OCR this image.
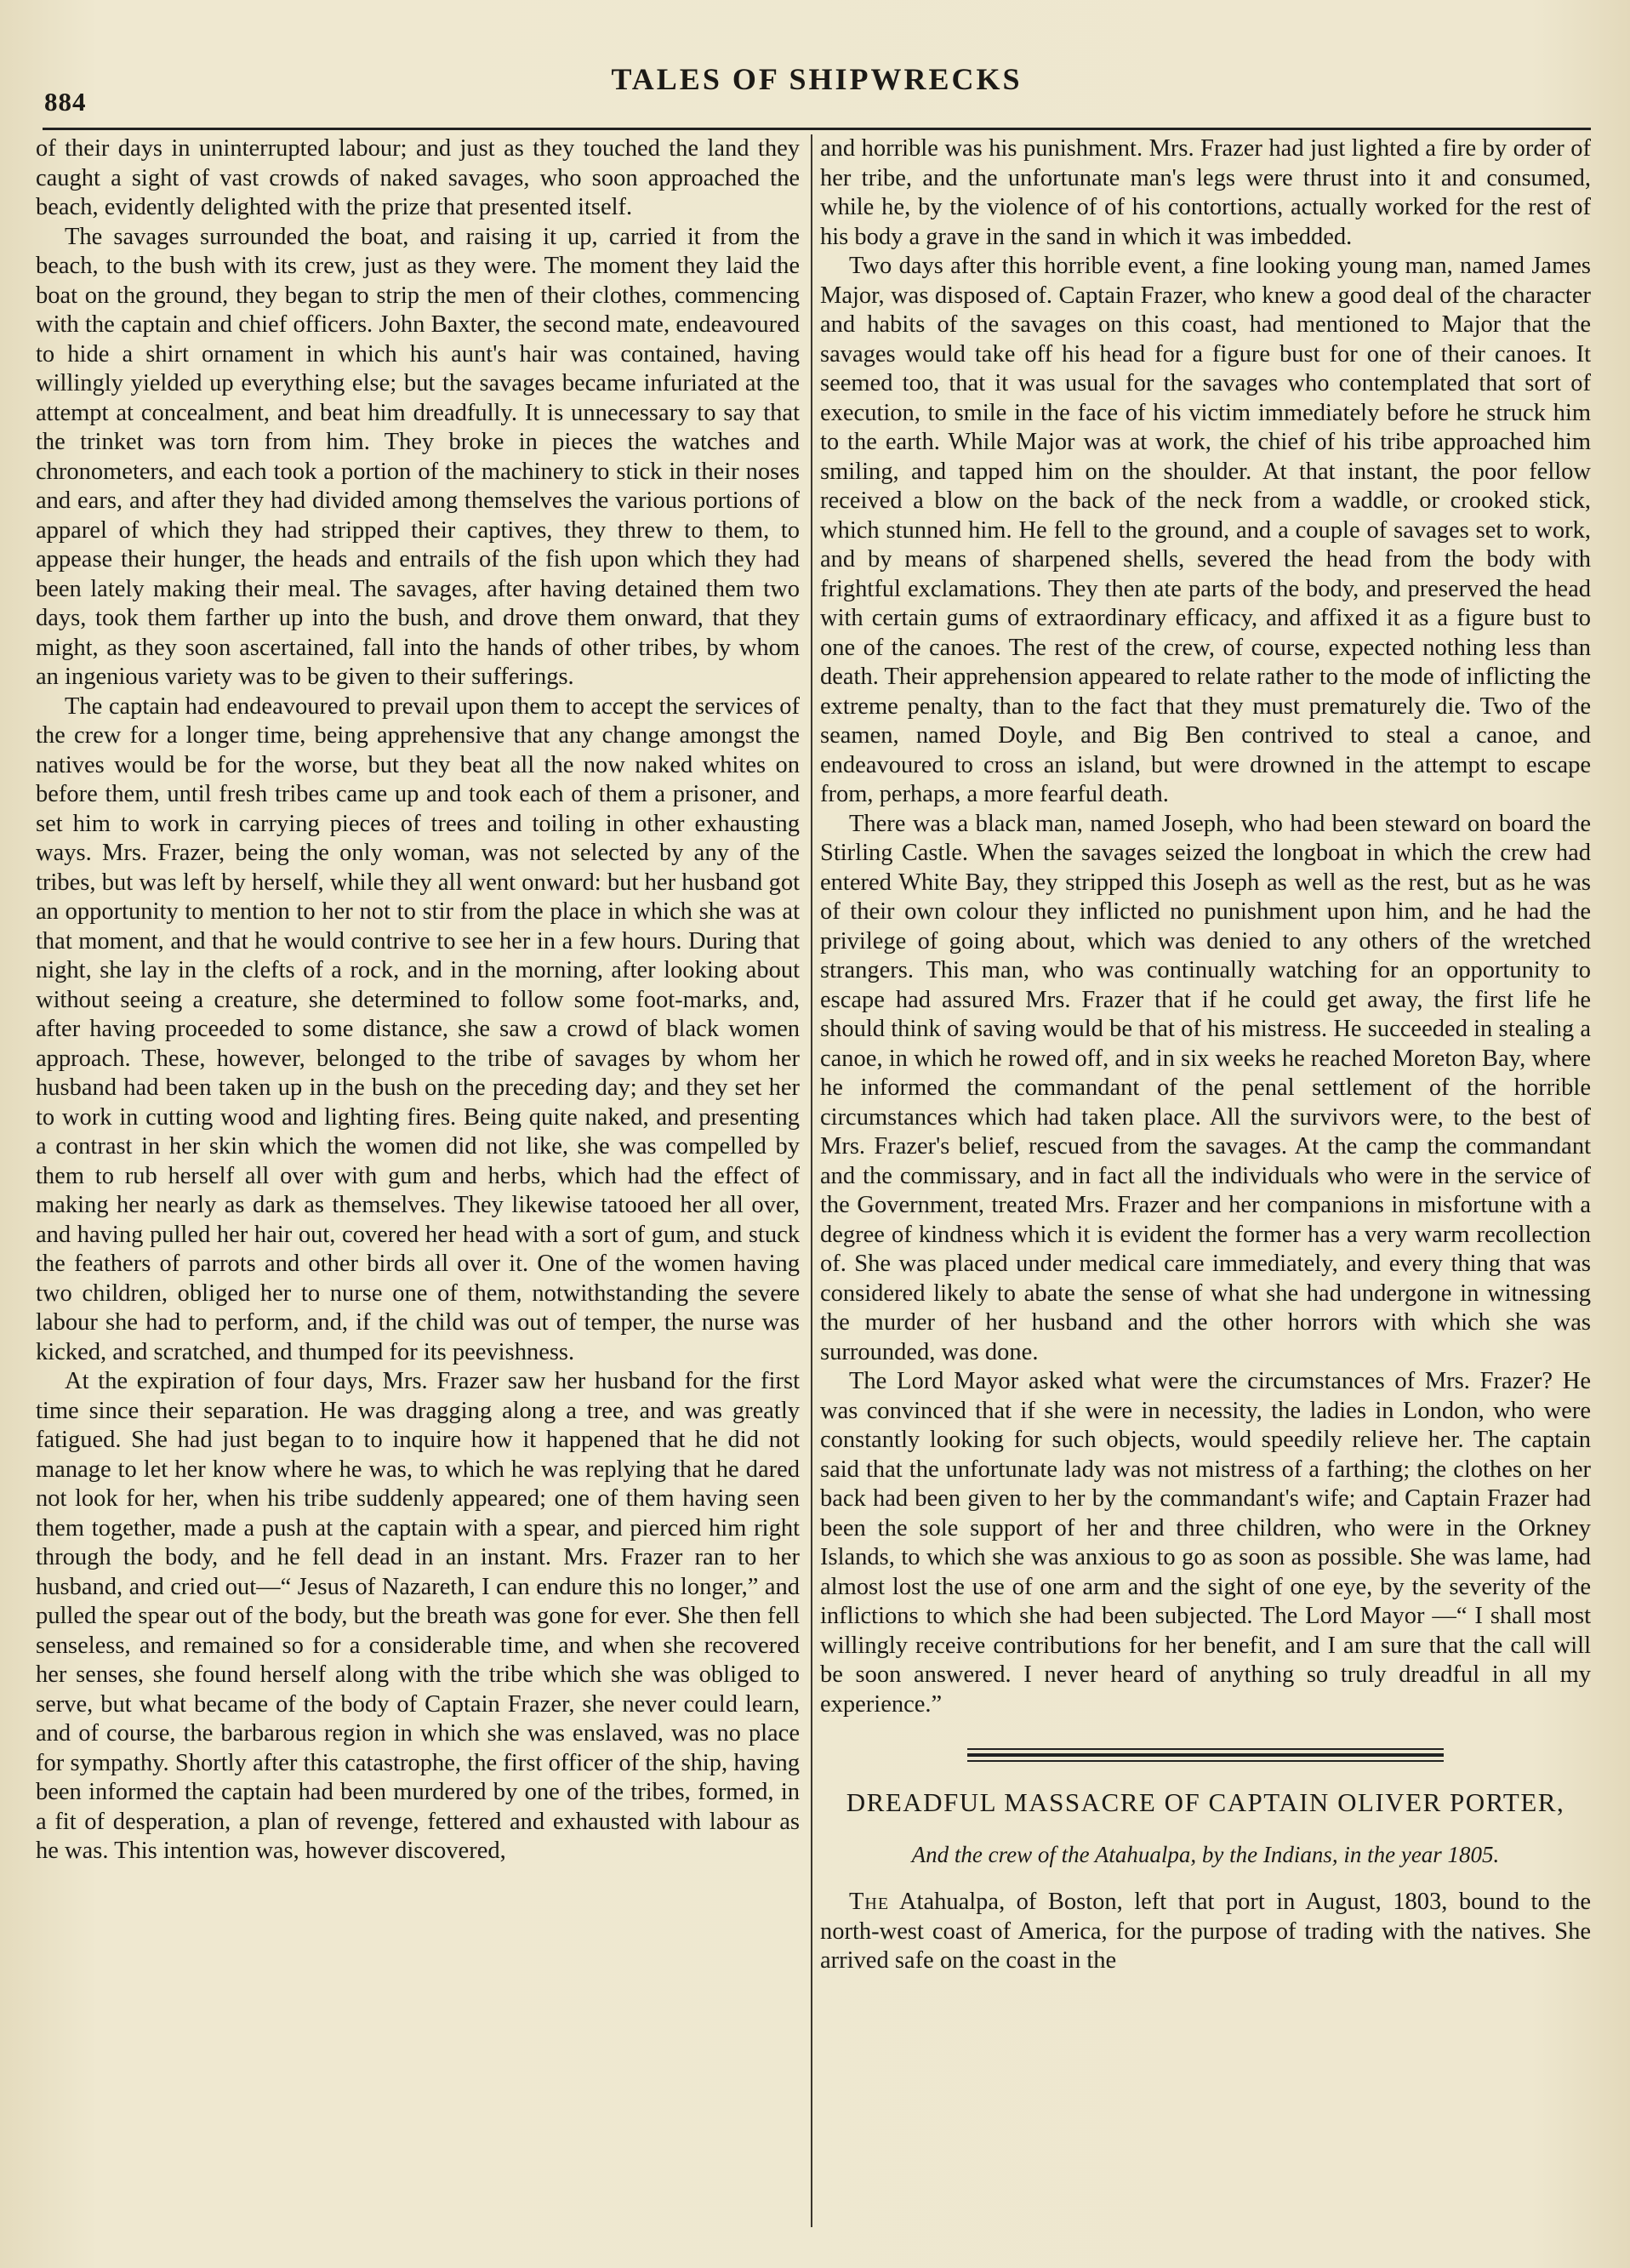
884
TALES OF SHIPWRECKS

of their days in uninterrupted labour; and just as they touched the land they caught a sight of vast crowds of naked savages, who soon approached the beach, evidently delighted with the prize that presented itself.

The savages surrounded the boat, and raising it up, carried it from the beach, to the bush with its crew, just as they were. The moment they laid the boat on the ground, they began to strip the men of their clothes, commencing with the captain and chief officers. John Baxter, the second mate, endeavoured to hide a shirt ornament in which his aunt's hair was contained, having willingly yielded up everything else; but the savages became infuriated at the attempt at concealment, and beat him dreadfully. It is unnecessary to say that the trinket was torn from him. They broke in pieces the watches and chronometers, and each took a portion of the machinery to stick in their noses and ears, and after they had divided among themselves the various portions of apparel of which they had stripped their captives, they threw to them, to appease their hunger, the heads and entrails of the fish upon which they had been lately making their meal. The savages, after having detained them two days, took them farther up into the bush, and drove them onward, that they might, as they soon ascertained, fall into the hands of other tribes, by whom an ingenious variety was to be given to their sufferings.

The captain had endeavoured to prevail upon them to accept the services of the crew for a longer time, being apprehensive that any change amongst the natives would be for the worse, but they beat all the now naked whites on before them, until fresh tribes came up and took each of them a prisoner, and set him to work in carrying pieces of trees and toiling in other exhausting ways. Mrs. Frazer, being the only woman, was not selected by any of the tribes, but was left by herself, while they all went onward: but her husband got an opportunity to mention to her not to stir from the place in which she was at that moment, and that he would contrive to see her in a few hours. During that night, she lay in the clefts of a rock, and in the morning, after looking about without seeing a creature, she determined to follow some foot-marks, and, after having proceeded to some distance, she saw a crowd of black women approach. These, however, belonged to the tribe of savages by whom her husband had been taken up in the bush on the preceding day; and they set her to work in cutting wood and lighting fires. Being quite naked, and presenting a contrast in her skin which the women did not like, she was compelled by them to rub herself all over with gum and herbs, which had the effect of making her nearly as dark as themselves. They likewise tatooed her all over, and having pulled her hair out, covered her head with a sort of gum, and stuck the feathers of parrots and other birds all over it. One of the women having two children, obliged her to nurse one of them, notwithstanding the severe labour she had to perform, and, if the child was out of temper, the nurse was kicked, and scratched, and thumped for its peevishness.

At the expiration of four days, Mrs. Frazer saw her husband for the first time since their separation. He was dragging along a tree, and was greatly fatigued. She had just began to to inquire how it happened that he did not manage to let her know where he was, to which he was replying that he dared not look for her, when his tribe suddenly appeared; one of them having seen them together, made a push at the captain with a spear, and pierced him right through the body, and he fell dead in an instant. Mrs. Frazer ran to her husband, and cried out—“ Jesus of Nazareth, I can endure this no longer,” and pulled the spear out of the body, but the breath was gone for ever. She then fell senseless, and remained so for a considerable time, and when she recovered her senses, she found herself along with the tribe which she was obliged to serve, but what became of the body of Captain Frazer, she never could learn, and of course, the barbarous region in which she was enslaved, was no place for sympathy. Shortly after this catastrophe, the first officer of the ship, having been informed the captain had been murdered by one of the tribes, formed, in a fit of desperation, a plan of revenge, fettered and exhausted with labour as he was. This intention was, however discovered,

and horrible was his punishment. Mrs. Frazer had just lighted a fire by order of her tribe, and the unfortunate man's legs were thrust into it and consumed, while he, by the violence of of his contortions, actually worked for the rest of his body a grave in the sand in which it was imbedded.

Two days after this horrible event, a fine looking young man, named James Major, was disposed of. Captain Frazer, who knew a good deal of the character and habits of the savages on this coast, had mentioned to Major that the savages would take off his head for a figure bust for one of their canoes. It seemed too, that it was usual for the savages who contemplated that sort of execution, to smile in the face of his victim immediately before he struck him to the earth. While Major was at work, the chief of his tribe approached him smiling, and tapped him on the shoulder. At that instant, the poor fellow received a blow on the back of the neck from a waddle, or crooked stick, which stunned him. He fell to the ground, and a couple of savages set to work, and by means of sharpened shells, severed the head from the body with frightful exclamations. They then ate parts of the body, and preserved the head with certain gums of extraordinary efficacy, and affixed it as a figure bust to one of the canoes. The rest of the crew, of course, expected nothing less than death. Their apprehension appeared to relate rather to the mode of inflicting the extreme penalty, than to the fact that they must prematurely die. Two of the seamen, named Doyle, and Big Ben contrived to steal a canoe, and endeavoured to cross an island, but were drowned in the attempt to escape from, perhaps, a more fearful death.

There was a black man, named Joseph, who had been steward on board the Stirling Castle. When the savages seized the longboat in which the crew had entered White Bay, they stripped this Joseph as well as the rest, but as he was of their own colour they inflicted no punishment upon him, and he had the privilege of going about, which was denied to any others of the wretched strangers. This man, who was continually watching for an opportunity to escape had assured Mrs. Frazer that if he could get away, the first life he should think of saving would be that of his mistress. He succeeded in stealing a canoe, in which he rowed off, and in six weeks he reached Moreton Bay, where he informed the commandant of the penal settlement of the horrible circumstances which had taken place. All the survivors were, to the best of Mrs. Frazer's belief, rescued from the savages. At the camp the commandant and the commissary, and in fact all the individuals who were in the service of the Government, treated Mrs. Frazer and her companions in misfortune with a degree of kindness which it is evident the former has a very warm recollection of. She was placed under medical care immediately, and every thing that was considered likely to abate the sense of what she had undergone in witnessing the murder of her husband and the other horrors with which she was surrounded, was done.

The Lord Mayor asked what were the circumstances of Mrs. Frazer? He was convinced that if she were in necessity, the ladies in London, who were constantly looking for such objects, would speedily relieve her. The captain said that the unfortunate lady was not mistress of a farthing; the clothes on her back had been given to her by the commandant's wife; and Captain Frazer had been the sole support of her and three children, who were in the Orkney Islands, to which she was anxious to go as soon as possible. She was lame, had almost lost the use of one arm and the sight of one eye, by the severity of the inflictions to which she had been subjected. The Lord Mayor —“ I shall most willingly receive contributions for her benefit, and I am sure that the call will be soon answered. I never heard of anything so truly dreadful in all my experience.”

DREADFUL MASSACRE OF CAPTAIN OLIVER PORTER,
And the crew of the Atahualpa, by the Indians, in the year 1805.

The Atahualpa, of Boston, left that port in August, 1803, bound to the north-west coast of America, for the purpose of trading with the natives. She arrived safe on the coast in the
